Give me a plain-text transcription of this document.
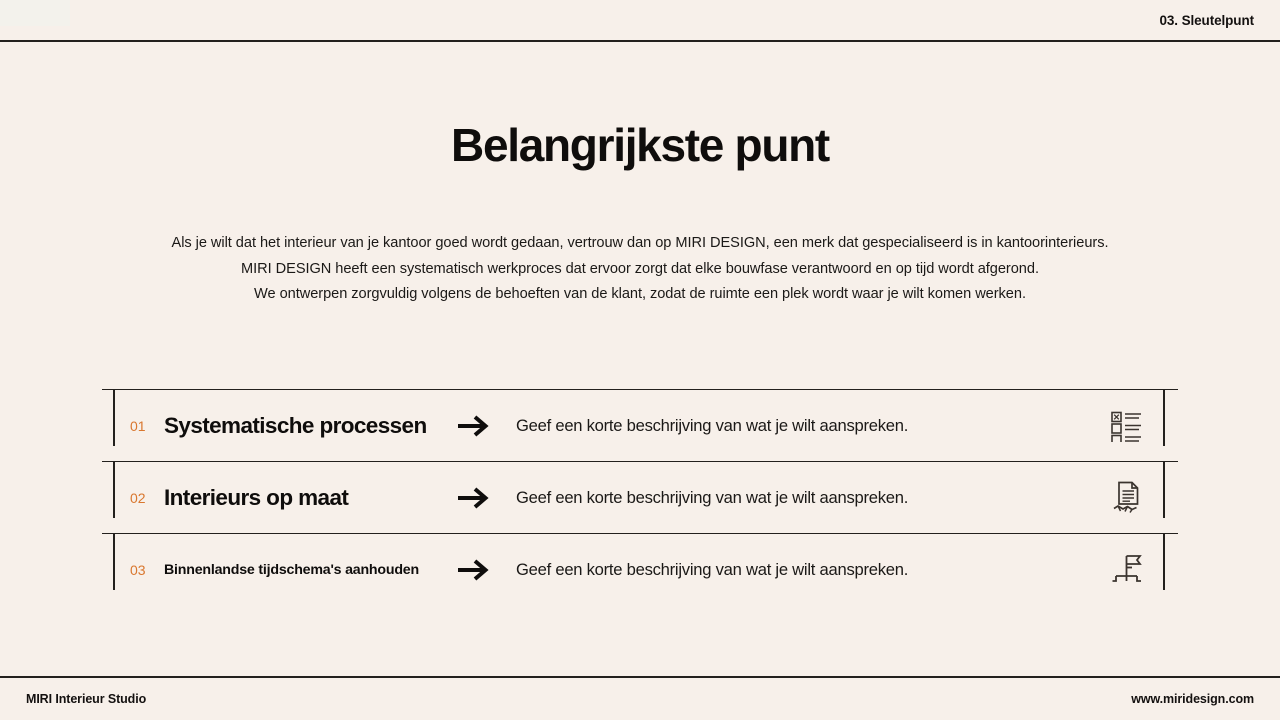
03. Sleutelpunt
Belangrijkste punt
Als je wilt dat het interieur van je kantoor goed wordt gedaan, vertrouw dan op MIRI DESIGN, een merk dat gespecialiseerd is in kantoorinterieurs.
MIRI DESIGN heeft een systematisch werkproces dat ervoor zorgt dat elke bouwfase verantwoord en op tijd wordt afgerond.
We ontwerpen zorgvuldig volgens de behoeften van de klant, zodat de ruimte een plek wordt waar je wilt komen werken.
01 Systematische processen	Geef een korte beschrijving van wat je wilt aanspreken.
02 Interieurs op maat	Geef een korte beschrijving van wat je wilt aanspreken.
03	Binnenlandse tijdschema's aanhouden	Geef een korte beschrijving van wat je wilt aanspreken.
MIRI Interieur Studio	www.miridesign.com
